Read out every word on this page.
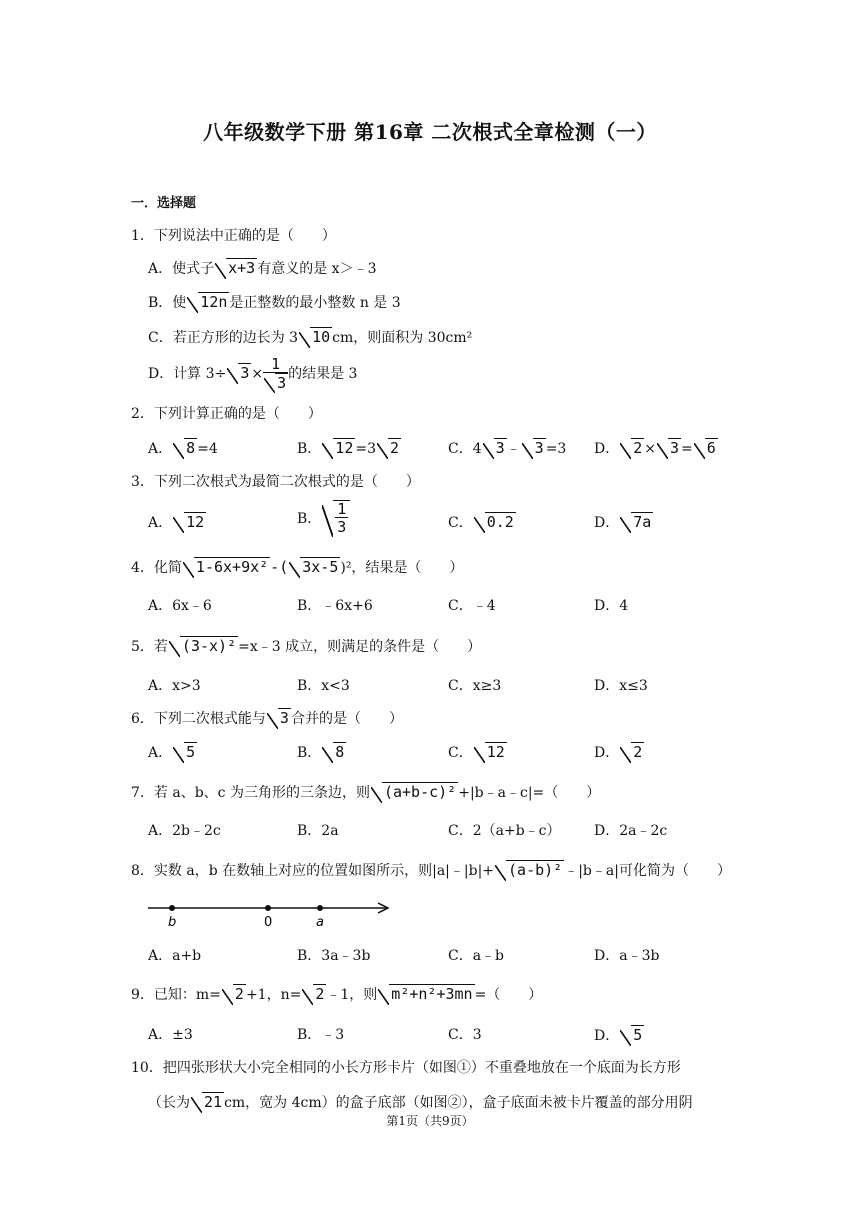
八年级数学下册 第16章 二次根式全章检测（一）
一．选择题
1．下列说法中正确的是（　　）
A．使式子 x+3 有意义的是 x＞﹣3
B．使 12n 是正整数的最小整数 n 是 3
C．若正方形的边长为 3 10 cm，则面积为 30cm²
D．计算 $3\div 3 \times \frac{1}{3}$ 的结果是 3
2．下列计算正确的是（　　）
A． 8 =4	B． 12 =3 2	C．4 3 ﹣ 3 =3 D． 2 × 3 = 6
3．下列二次根式为最简二次根式的是（　　）
A． 12	B． $\frac{1}{3}$	C． 0.2	D． 7a
4．化简 1-6x+9x² -( 3x-5 )²，结果是（　　）
A．6x﹣6	B．﹣6x+6	C．﹣4	D．4
5．若 (3-x)² =x﹣3 成立，则满足的条件是（　　）
A．x>3	B．x<3	C．x≥3	D．x≤3
6．下列二次根式能与 3 合并的是（　　）
A． 5	B． 8	C． 12	D． 2
7．若 a、b、c 为三角形的三条边，则 (a+b-c)² +|b﹣a﹣c|=（　　）
A．2b﹣2c	B．2a	C．2（a+b﹣c） D．2a﹣2c
8．实数 a，b 在数轴上对应的位置如图所示，则|a|﹣|b|+ (a-b)² ﹣|b﹣a|可化简为（　　）
b	0	a
A．a+b	B．3a﹣3b	C．a﹣b	D．a﹣3b
9．已知：m= 2 +1，n= 2 ﹣1，则 m²+n²+3mn =（　　）
A．±3	B．﹣3	C．3	D． 5
10．把四张形状大小完全相同的小长方形卡片（如图①）不重叠地放在一个底面为长方形
（长为 21 cm，宽为 4cm）的盒子底部（如图②），盒子底面未被卡片覆盖的部分用阴
第1页（共9页）
